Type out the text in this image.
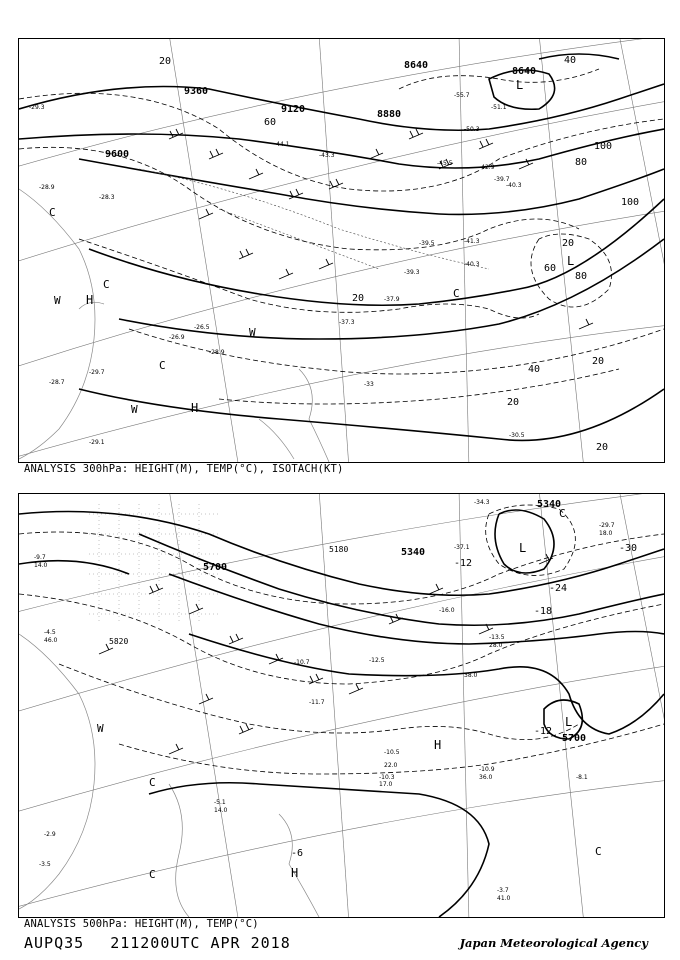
9360
9120	8880
8640
8640
9600
20
60
40
100
80
100
20
60
80
20
40
20
20
20
L
L
H
H
W
W
W
C
C
C
C
-29.3
-28.9
-28.3
-28.7
-29.1
-29.7
-26.9
-26.5
-28.9
-37.3
-37.9
-39.5	-41.3
-40.3
-39.3
-33
-30.5
-43.3
-45.5
-50.3
-51.1
-55.7
-42.9
-39.7
-40.3
-44.1
ANALYSIS 300hPa: HEIGHT(M), TEMP(°C), ISOTACH(KT)
5700
5340
5340
5700
5820
5180	-30
-24
-18
-12
-6
-12
L
L
H
H
W
C
C
C
C
-9.7
14.0
-4.5
46.0
-11.7
-10.7
-10.3
-10.5
-8.1
-10.9
36.0
-5.1
14.0
-2.9
-3.5
-3.7
41.0
-34.3
-37.1
-29.7
18.0
-16.0
-13.5
28.0
38.0
22.0
17.0
-12.5
ANALYSIS 500hPa: HEIGHT(M), TEMP(°C)
AUPQ35 211200UTC APR 2018	Japan Meteorological Agency
